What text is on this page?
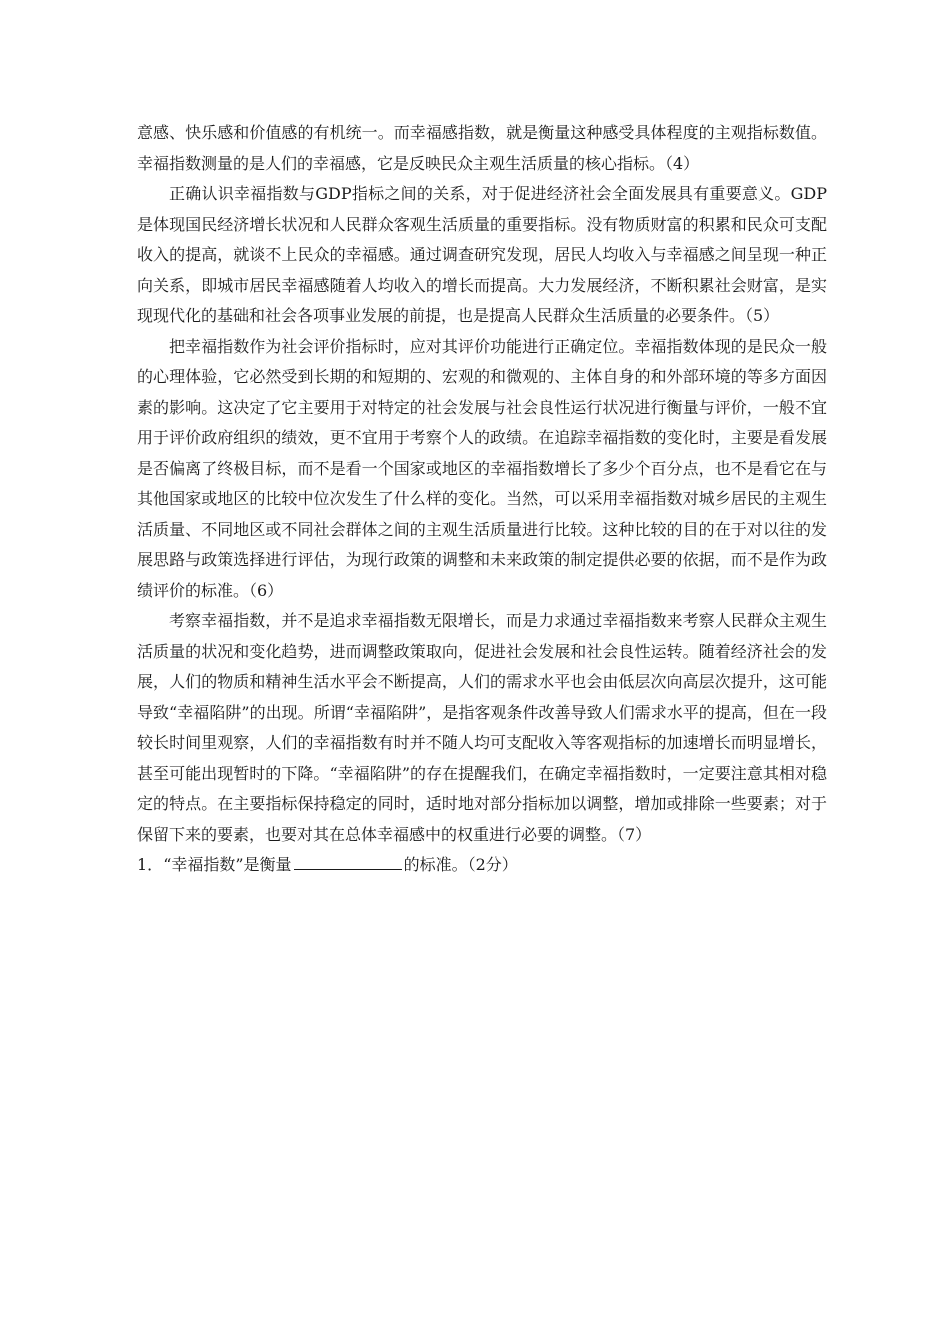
意感、快乐感和价值感的有机统一。而幸福感指数，就是衡量这种感受具体程度的主观指标数值。幸福指数测量的是人们的幸福感，它是反映民众主观生活质量的核心指标。（4）

正确认识幸福指数与GDP指标之间的关系，对于促进经济社会全面发展具有重要意义。GDP是体现国民经济增长状况和人民群众客观生活质量的重要指标。没有物质财富的积累和民众可支配收入的提高，就谈不上民众的幸福感。通过调查研究发现，居民人均收入与幸福感之间呈现一种正向关系，即城市居民幸福感随着人均收入的增长而提高。大力发展经济，不断积累社会财富，是实现现代化的基础和社会各项事业发展的前提，也是提高人民群众生活质量的必要条件。（5）

把幸福指数作为社会评价指标时，应对其评价功能进行正确定位。幸福指数体现的是民众一般的心理体验，它必然受到长期的和短期的、宏观的和微观的、主体自身的和外部环境的等多方面因素的影响。这决定了它主要用于对特定的社会发展与社会良性运行状况进行衡量与评价，一般不宜用于评价政府组织的绩效，更不宜用于考察个人的政绩。在追踪幸福指数的变化时，主要是看发展是否偏离了终极目标，而不是看一个国家或地区的幸福指数增长了多少个百分点，也不是看它在与其他国家或地区的比较中位次发生了什么样的变化。当然，可以采用幸福指数对城乡居民的主观生活质量、不同地区或不同社会群体之间的主观生活质量进行比较。这种比较的目的在于对以往的发展思路与政策选择进行评估，为现行政策的调整和未来政策的制定提供必要的依据，而不是作为政绩评价的标准。（6）

考察幸福指数，并不是追求幸福指数无限增长，而是力求通过幸福指数来考察人民群众主观生活质量的状况和变化趋势，进而调整政策取向，促进社会发展和社会良性运转。随着经济社会的发展，人们的物质和精神生活水平会不断提高，人们的需求水平也会由低层次向高层次提升，这可能导致“幸福陷阱”的出现。所谓“幸福陷阱”，是指客观条件改善导致人们需求水平的提高，但在一段较长时间里观察，人们的幸福指数有时并不随人均可支配收入等客观指标的加速增长而明显增长，甚至可能出现暂时的下降。“幸福陷阱”的存在提醒我们，在确定幸福指数时，一定要注意其相对稳定的特点。在主要指标保持稳定的同时，适时地对部分指标加以调整，增加或排除一些要素；对于保留下来的要素，也要对其在总体幸福感中的权重进行必要的调整。（7）

1．“幸福指数”是衡量	的标准。（2分）
